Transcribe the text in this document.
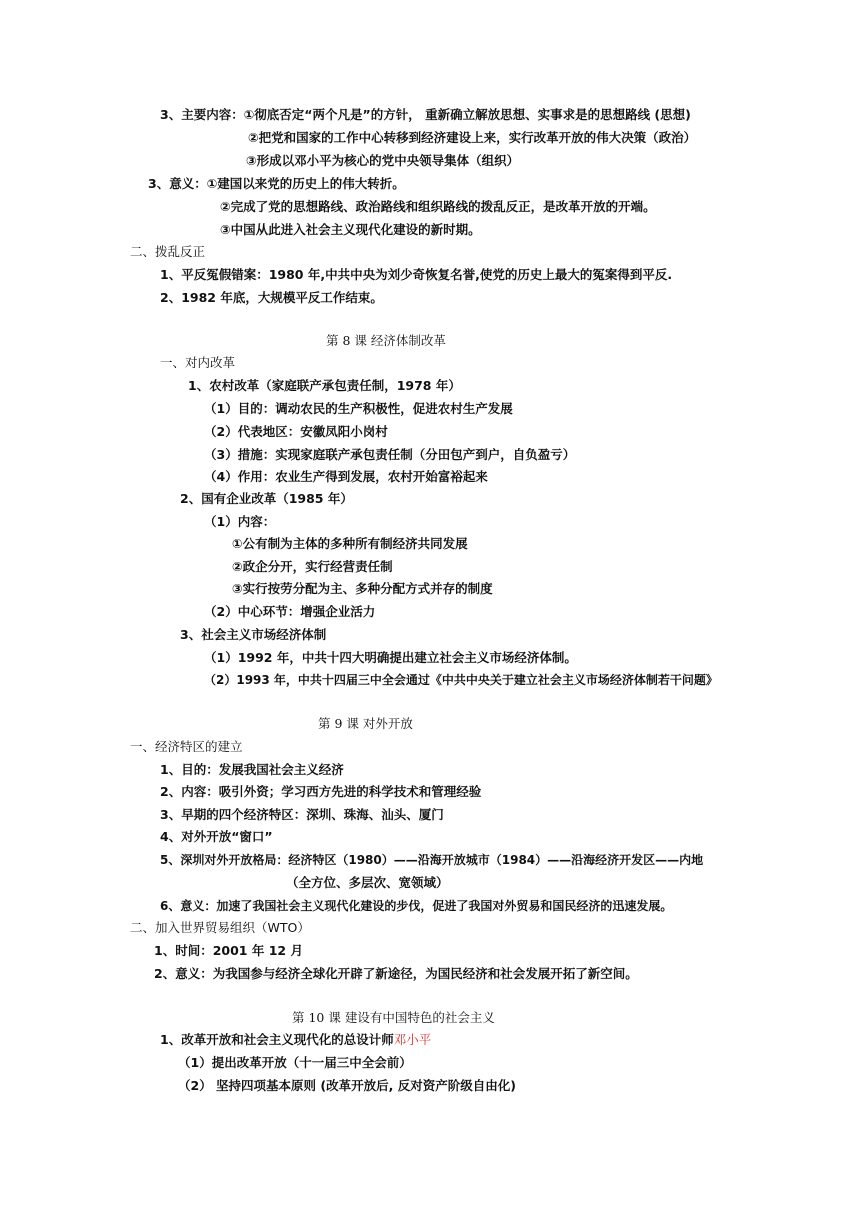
3、主要内容：①彻底否定“两个凡是”的方针， 重新确立解放思想、实事求是的思想路线 (思想)
②把党和国家的工作中心转移到经济建设上来，实行改革开放的伟大决策（政治）
③形成以邓小平为核心的党中央领导集体（组织）
3、意义：①建国以来党的历史上的伟大转折。
②完成了党的思想路线、政治路线和组织路线的拨乱反正，是改革开放的开端。
③中国从此进入社会主义现代化建设的新时期。
二、拨乱反正
1、平反冤假错案：1980 年,中共中央为刘少奇恢复名誉,使党的历史上最大的冤案得到平反.
2、1982 年底，大规模平反工作结束。
第 8 课 经济体制改革
一、对内改革
1、农村改革（家庭联产承包责任制，1978 年）
（1）目的：调动农民的生产积极性，促进农村生产发展
（2）代表地区：安徽凤阳小岗村
（3）措施：实现家庭联产承包责任制（分田包产到户，自负盈亏）
（4）作用：农业生产得到发展，农村开始富裕起来
2、国有企业改革（1985 年）
（1）内容：
①公有制为主体的多种所有制经济共同发展
②政企分开，实行经营责任制
③实行按劳分配为主、多种分配方式并存的制度
（2）中心环节：增强企业活力
3、社会主义市场经济体制
（1）1992 年，中共十四大明确提出建立社会主义市场经济体制。
（2）1993 年，中共十四届三中全会通过《中共中央关于建立社会主义市场经济体制若干问题》
第 9 课 对外开放
一、经济特区的建立
1、目的：发展我国社会主义经济
2、内容：吸引外资；学习西方先进的科学技术和管理经验
3、早期的四个经济特区：深圳、珠海、汕头、厦门
4、对外开放“窗口”
5、深圳对外开放格局：经济特区（1980）——沿海开放城市（1984）——沿海经济开发区——内地
（全方位、多层次、宽领域）
6、意义：加速了我国社会主义现代化建设的步伐，促进了我国对外贸易和国民经济的迅速发展。
二、加入世界贸易组织（WTO）
1、时间：2001 年 12 月
2、意义：为我国参与经济全球化开辟了新途径，为国民经济和社会发展开拓了新空间。
第 10 课 建设有中国特色的社会主义
1、改革开放和社会主义现代化的总设计师邓小平
（1）提出改革开放（十一届三中全会前）
（2） 坚持四项基本原则 (改革开放后, 反对资产阶级自由化)
